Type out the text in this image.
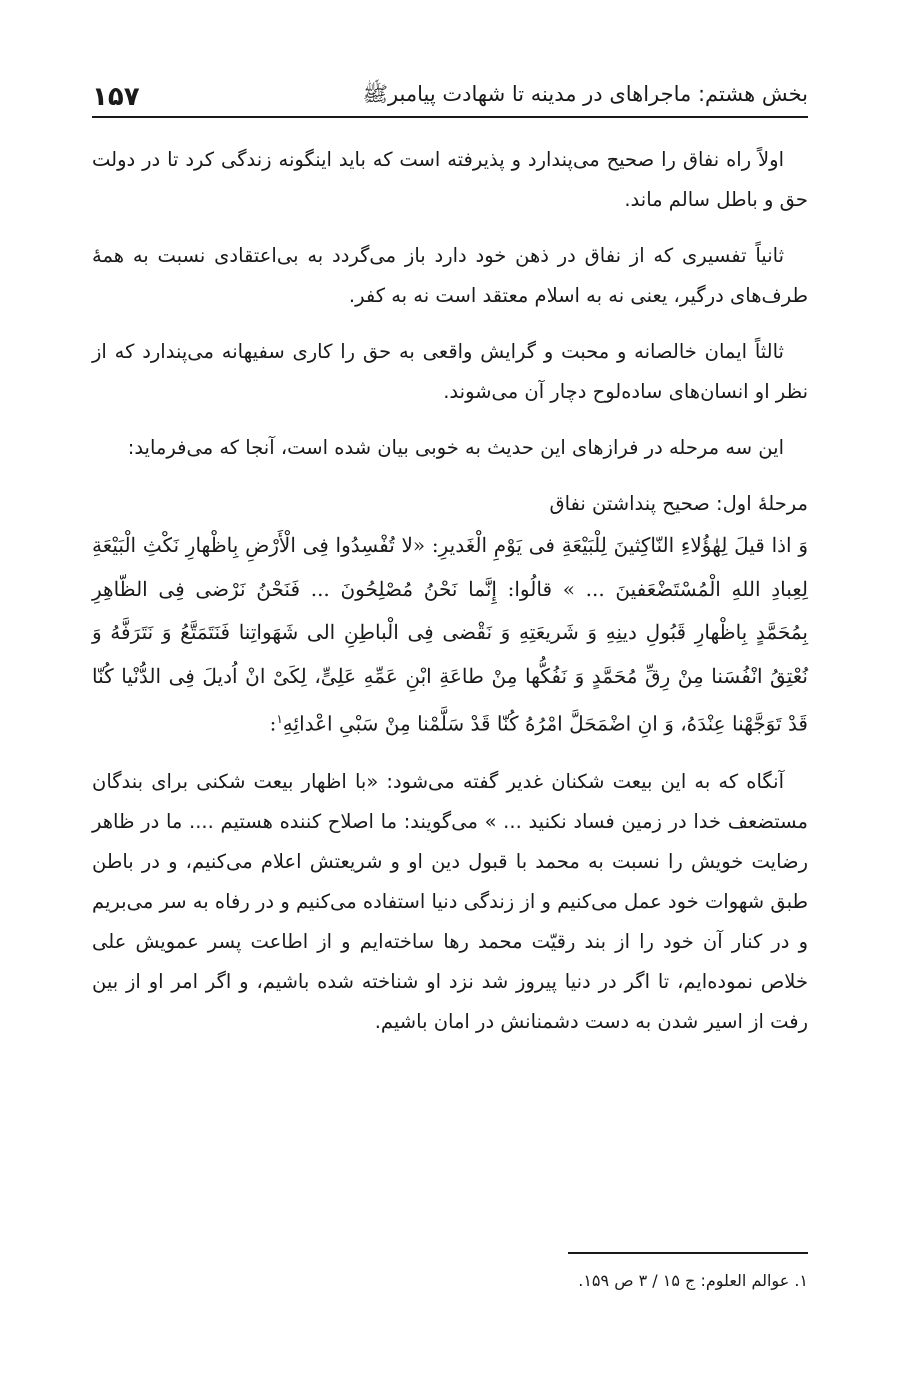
بخش هشتم: ماجراهای در مدینه تا شهادت پیامبرﷺ
۱۵۷

اولاً راه نفاق را صحیح می‌پندارد و پذیرفته است که باید اینگونه زندگی کرد تا در دولت حق و باطل سالم ماند.

ثانیاً تفسیری که از نفاق در ذهن خود دارد باز می‌گردد به بی‌اعتقادی نسبت به همهٔ طرف‌های درگیر، یعنی نه به اسلام معتقد است نه به کفر.

ثالثاً ایمان خالصانه و محبت و گرایش واقعی به حق را کاری سفیهانه می‌پندارد که از نظر او انسان‌های ساده‌لوح دچار آن می‌شوند.

این سه مرحله در فرازهای این حدیث به خوبی بیان شده است، آنجا که می‌فرماید:

مرحلهٔ اول: صحیح پنداشتن نفاق

وَ اذا قیلَ لِهٰؤُلاءِ النّاکِثینَ لِلْبَیْعَةِ فی یَوْمِ الْغَدیرِ: «لا تُفْسِدُوا فِی الْأَرْضِ بِاظْهارِ نَکْثِ الْبَیْعَةِ لِعِبادِ اللهِ الْمُسْتَضْعَفینَ ... » قالُوا: إِنَّما نَحْنُ مُصْلِحُونَ ... فَنَحْنُ نَرْضی فِی الظّاهِرِ بِمُحَمَّدٍ بِاظْهارِ قَبُولِ دینِهِ وَ شَریعَتِهِ وَ نَقْضی فِی الْباطِنِ الی شَهَواتِنا فَنَتَمَتَّعُ وَ نَتَرَفَّهُ وَ نُعْتِقُ انْفُسَنا مِنْ رِقِّ مُحَمَّدٍ وَ نَفُکُّها مِنْ طاعَةِ ابْنِ عَمِّهِ عَلِیٍّ، لِکَیْ انْ اُدیلَ فِی الدُّنْیا کُنّا قَدْ تَوَجَّهْنا عِنْدَهُ، وَ انِ اضْمَحَلَّ امْرُهُ کُنّا قَدْ سَلَّمْنا مِنْ سَبْیِ اعْدائِهِ$^۱$:

آنگاه که به این بیعت شکنان غدیر گفته می‌شود: «با اظهار بیعت شکنی برای بندگان مستضعف خدا در زمین فساد نکنید ... » می‌گویند: ما اصلاح کننده هستیم .... ما در ظاهر رضایت خویش را نسبت به محمد با قبول دین او و شریعتش اعلام می‌کنیم، و در باطن طبق شهوات خود عمل می‌کنیم و از زندگی دنیا استفاده می‌کنیم و در رفاه به سر می‌بریم و در کنار آن خود را از بند رقیّت محمد رها ساخته‌ایم و از اطاعت پسر عمویش علی خلاص نموده‌ایم، تا اگر در دنیا پیروز شد نزد او شناخته شده باشیم، و اگر امر او از بین رفت از اسیر شدن به دست دشمنانش در امان باشیم.

۱. عوالم العلوم: ج ۱۵ / ۳ ص ۱۵۹.
